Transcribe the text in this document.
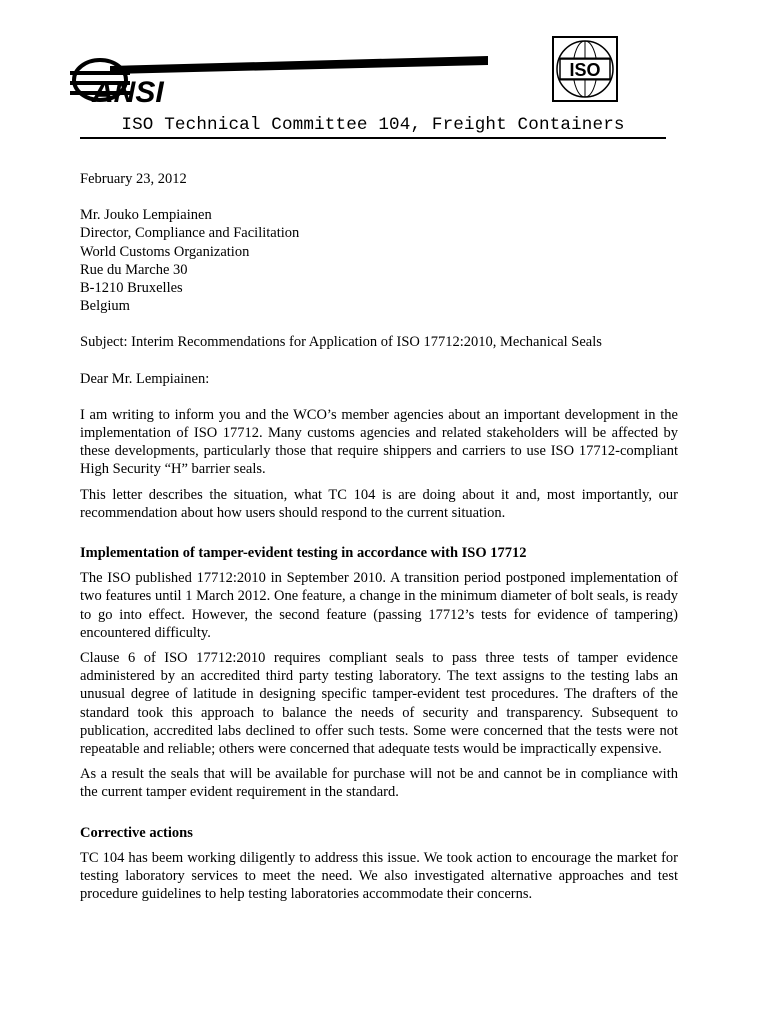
ANSI
ISO
ISO Technical Committee 104, Freight Containers

February 23, 2012

Mr. Jouko Lempiainen
Director, Compliance and Facilitation
World Customs Organization
Rue du Marche 30
B-1210 Bruxelles
Belgium

Subject: Interim Recommendations for Application of ISO 17712:2010, Mechanical Seals

Dear Mr. Lempiainen:

I am writing to inform you and the WCO’s member agencies about an important development in the implementation of ISO 17712. Many customs agencies and related stakeholders will be affected by these developments, particularly those that require shippers and carriers to use ISO 17712-compliant High Security “H” barrier seals.

This letter describes the situation, what TC 104 is are doing about it and, most importantly, our recommendation about how users should respond to the current situation.

Implementation of tamper-evident testing in accordance with ISO 17712

The ISO published 17712:2010 in September 2010. A transition period postponed implementation of two features until 1 March 2012. One feature, a change in the minimum diameter of bolt seals, is ready to go into effect. However, the second feature (passing 17712’s tests for evidence of tampering) encountered difficulty.

Clause 6 of ISO 17712:2010 requires compliant seals to pass three tests of tamper evidence administered by an accredited third party testing laboratory. The text assigns to the testing labs an unusual degree of latitude in designing specific tamper-evident test procedures. The drafters of the standard took this approach to balance the needs of security and transparency. Subsequent to publication, accredited labs declined to offer such tests. Some were concerned that the tests were not repeatable and reliable; others were concerned that adequate tests would be impractically expensive.

As a result the seals that will be available for purchase will not be and cannot be in compliance with the current tamper evident requirement in the standard.

Corrective actions

TC 104 has beem working diligently to address this issue. We took action to encourage the market for testing laboratory services to meet the need. We also investigated alternative approaches and test procedure guidelines to help testing laboratories accommodate their concerns.
